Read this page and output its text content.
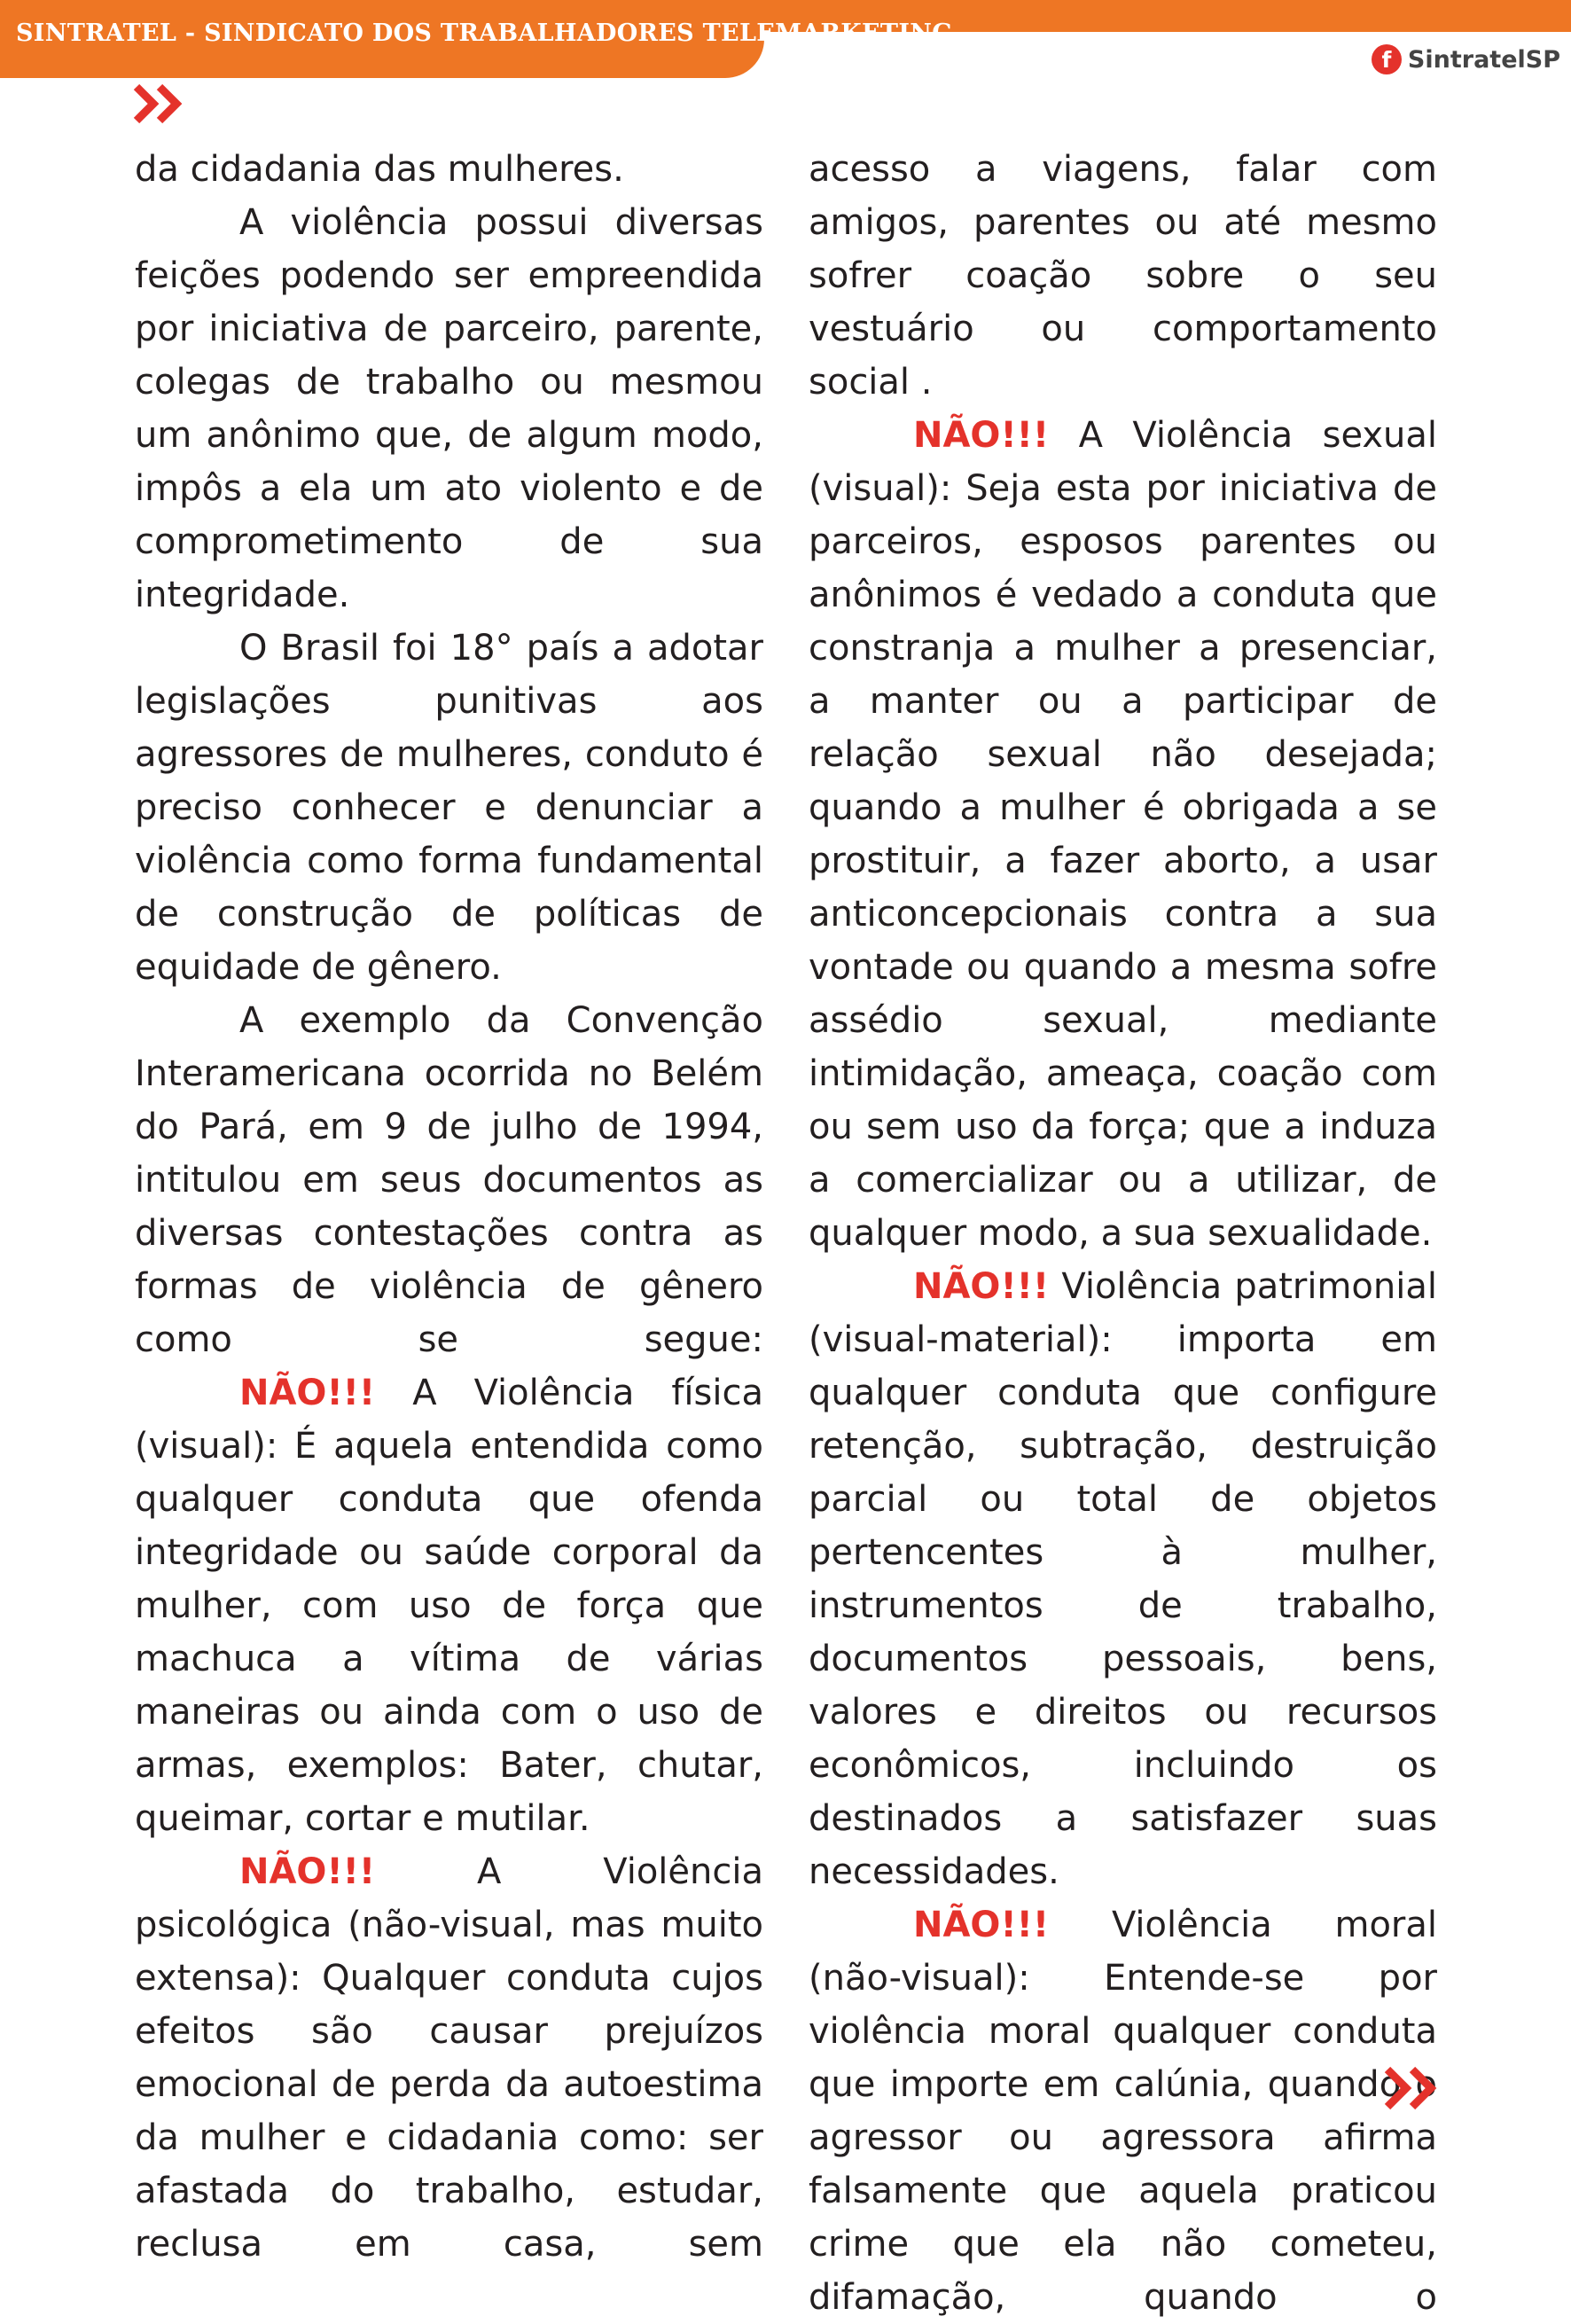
SINTRATEL - SINDICATO DOS TRABALHADORES TELEMARKETING
f SintratelSP

da cidadania das mulheres.

A violência possui diversas feições podendo ser empreendida por iniciativa de parceiro, parente, colegas de trabalho ou mesmou um anônimo que, de algum modo, impôs a ela um ato violento e de comprometimento de sua integridade.

O Brasil foi 18° país a adotar legislações punitivas aos agressores de mulheres, conduto é preciso conhecer e denunciar a violência como forma fundamental de construção de políticas de equidade de gênero.

A exemplo da Convenção Interamericana ocorrida no Belém do Pará, em 9 de julho de 1994, intitulou em seus documentos as diversas contestações contra as formas de violência de gênero como se segue:

NÃO!!! A Violência física (visual): É aquela entendida como qualquer conduta que ofenda integridade ou saúde corporal da mulher, com uso de força que machuca a vítima de várias maneiras ou ainda com o uso de armas, exemplos: Bater, chutar, queimar, cortar e mutilar.

NÃO!!! A Violência psicológica (não-visual, mas muito extensa): Qualquer conduta cujos efeitos são causar prejuízos emocional de perda da autoestima da mulher e cidadania como: ser afastada do trabalho, estudar, reclusa em casa, sem

acesso a viagens, falar com amigos, parentes ou até mesmo sofrer coação sobre o seu vestuário ou comportamento social .

NÃO!!! A Violência sexual (visual): Seja esta por iniciativa de parceiros, esposos parentes ou anônimos é vedado a conduta que constranja a mulher a presenciar, a manter ou a participar de relação sexual não desejada; quando a mulher é obrigada a se prostituir, a fazer aborto, a usar anticoncepcionais contra a sua vontade ou quando a mesma sofre assédio sexual, mediante intimidação, ameaça, coação com ou sem uso da força; que a induza a comercializar ou a utilizar, de qualquer modo, a sua sexualidade.

NÃO!!! Violência patrimonial (visual-material): importa em qualquer conduta que configure retenção, subtração, destruição parcial ou total de objetos pertencentes à mulher, instrumentos de trabalho, documentos pessoais, bens, valores e direitos ou recursos econômicos, incluindo os destinados a satisfazer suas necessidades.

NÃO!!! Violência moral (não-visual): Entende-se por violência moral qualquer conduta que importe em calúnia, quando o agressor ou agressora afirma falsamente que aquela praticou crime que ela não cometeu, difamação, quando o
